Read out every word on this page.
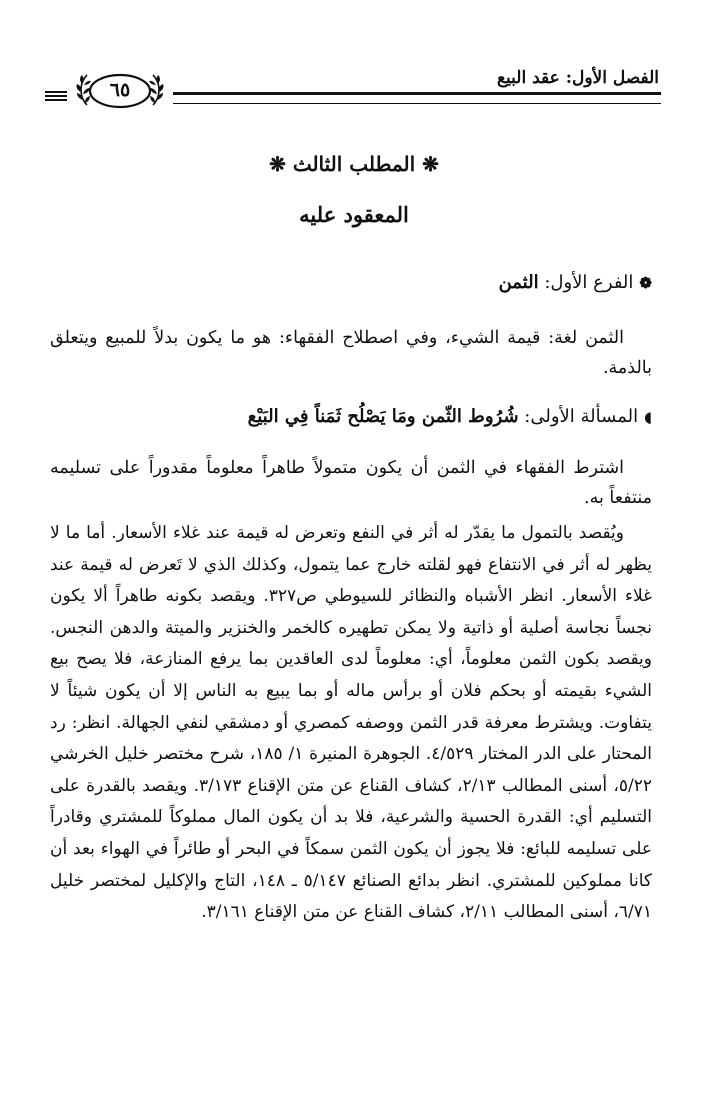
الفصل الأول: عقد البيع
٦٥
❋ المطلب الثالث ❋
المعقود عليه
❁الفرع الأول: الثمن
الثمن لغة: قيمة الشيء، وفي اصطلاح الفقهاء: هو ما يكون بدلاً للمبيع ويتعلق بالذمة.
◖المسألة الأولى: شُرُوط الثّمن ومَا يَصْلُح ثَمَناً فِي البَيْع
اشترط الفقهاء في الثمن أن يكون متمولاً طاهراً معلوماً مقدوراً على تسليمه منتفعاً به.
ويُقصد بالتمول ما يقدّر له أثر في النفع وتعرض له قيمة عند غلاء الأسعار. أما ما لا يظهر له أثر في الانتفاع فهو لقلته خارج عما يتمول، وكذلك الذي لا تَعرض له قيمة عند غلاء الأسعار. انظر الأشباه والنظائر للسيوطي ص٣٢٧. ويقصد بكونه طاهراً ألا يكون نجساً نجاسة أصلية أو ذاتية ولا يمكن تطهيره كالخمر والخنزير والميتة والدهن النجس. ويقصد بكون الثمن معلوماً، أي: معلوماً لدى العاقدين بما يرفع المنازعة، فلا يصح بيع الشيء بقيمته أو بحكم فلان أو برأس ماله أو بما يبيع به الناس إلا أن يكون شيئاً لا يتفاوت. ويشترط معرفة قدر الثمن ووصفه كمصري أو دمشقي لنفي الجهالة. انظر: رد المحتار على الدر المختار ٤/٥٢٩. الجوهرة المنيرة ١/ ١٨٥، شرح مختصر خليل الخرشي ٥/٢٢، أسنى المطالب ٢/١٣، كشاف القناع عن متن الإقناع ٣/١٧٣. ويقصد بالقدرة على التسليم أي: القدرة الحسية والشرعية، فلا بد أن يكون المال مملوكاً للمشتري وقادراً على تسليمه للبائع: فلا يجوز أن يكون الثمن سمكاً في البحر أو طائراً في الهواء بعد أن كانا مملوكين للمشتري. انظر بدائع الصنائع ٥/١٤٧ ـ ١٤٨، التاج والإكليل لمختصر خليل ٦/٧١، أسنى المطالب ٢/١١، كشاف القناع عن متن الإقناع ٣/١٦١.
